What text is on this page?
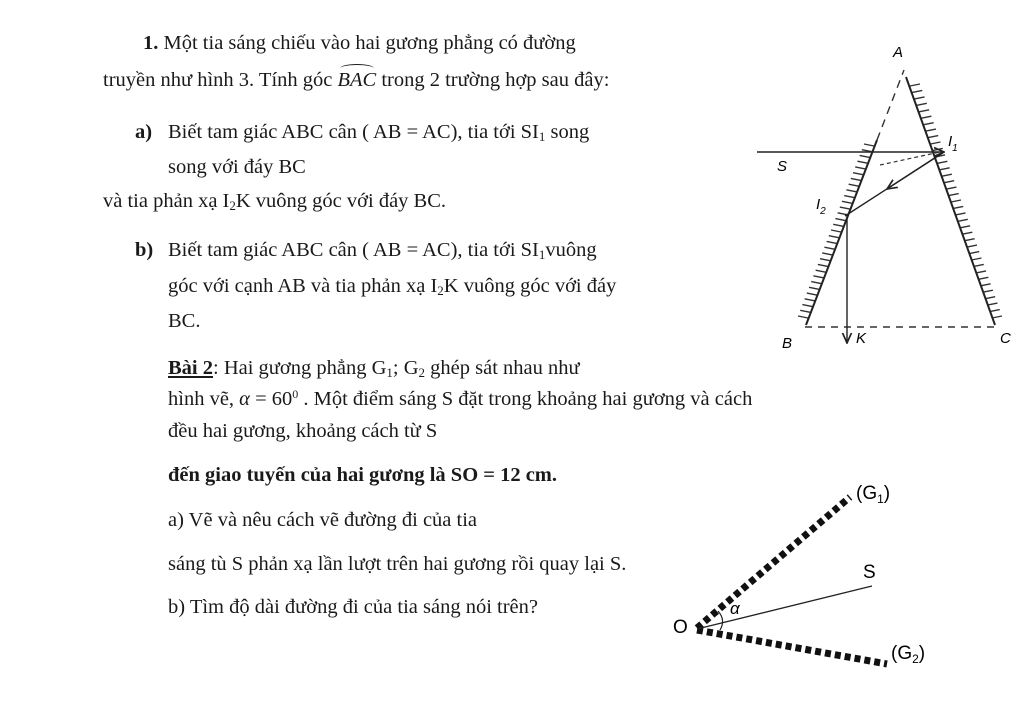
1. Một tia sáng chiếu vào hai gương phẳng có đường
truyền như hình 3. Tính góc BAC trong 2 trường hợp sau đây:
a) Biết tam giác ABC cân ( AB = AC), tia tới $SI_1$ song
song với đáy BC
và tia phản xạ $I_2K$ vuông góc với đáy BC.
b) Biết tam giác ABC cân ( AB = AC), tia tới $SI_1vuông$
góc với cạnh AB và tia phản xạ $I_2K$ vuông góc với đáy
BC.
A
B	C
S
K
$I_1$
$I_2$
$(G_1)$
$(G_2)$
S
O
α
Bài 2: Hai gương phẳng $G_1$; $G_2$ ghép sát nhau như
hình vẽ, $\alpha = 60^0$ . Một điểm sáng S đặt trong khoảng hai gương và cách
đều hai gương, khoảng cách từ S
đến giao tuyến của hai gương là SO = 12 cm.
a) Vẽ và nêu cách vẽ đường đi của tia
sáng tù S phản xạ lần lượt trên hai gương rồi quay lại S.
b) Tìm độ dài đường đi của tia sáng nói trên?
